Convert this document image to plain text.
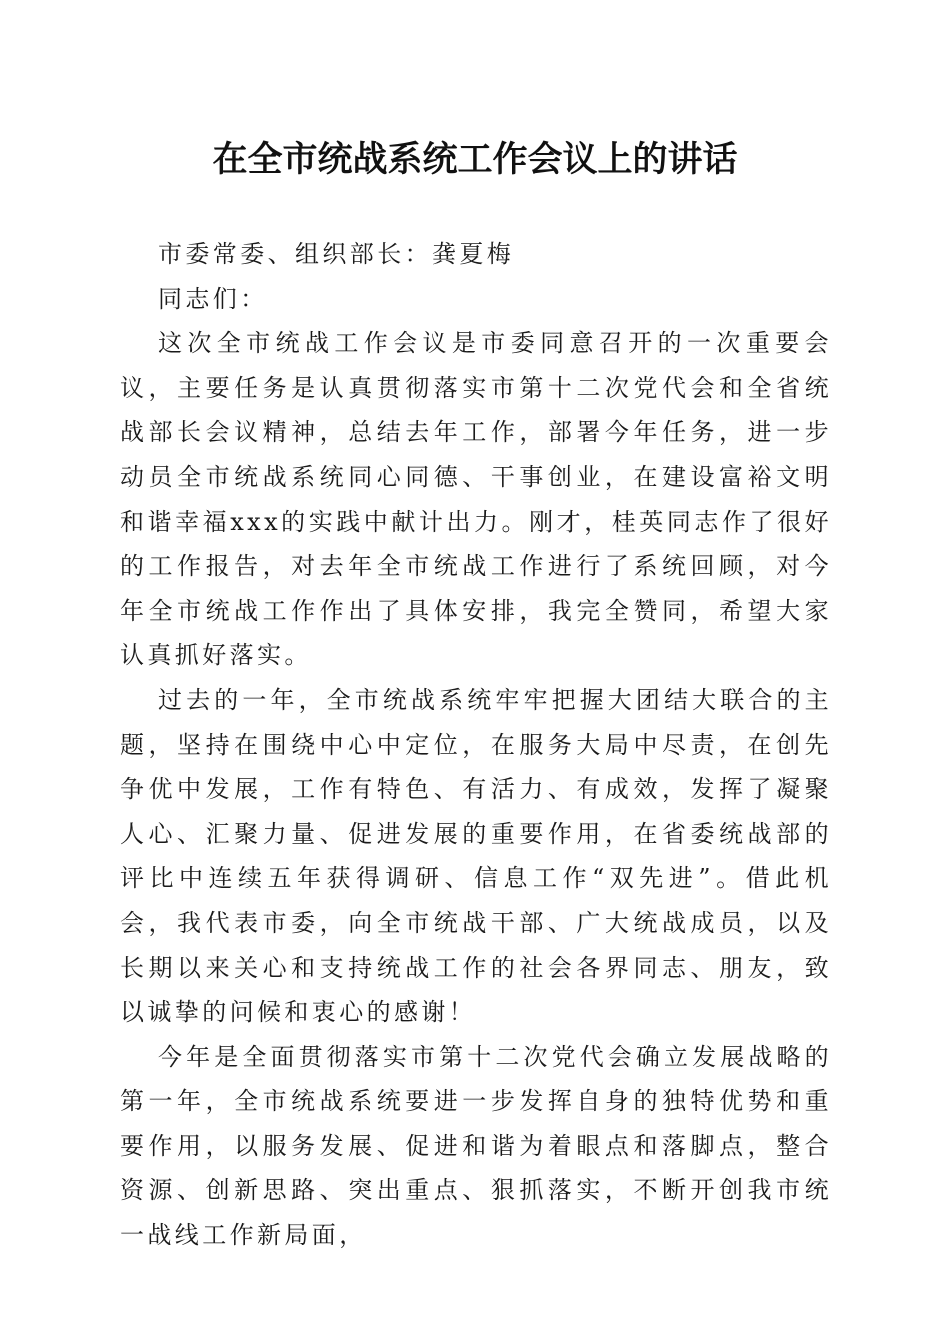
在全市统战系统工作会议上的讲话

市委常委、组织部长：龚夏梅

同志们：

这次全市统战工作会议是市委同意召开的一次重要会议，主要任务是认真贯彻落实市第十二次党代会和全省统战部长会议精神，总结去年工作，部署今年任务，进一步动员全市统战系统同心同德、干事创业，在建设富裕文明和谐幸福xxx的实践中献计出力。刚才，桂英同志作了很好的工作报告，对去年全市统战工作进行了系统回顾，对今年全市统战工作作出了具体安排，我完全赞同，希望大家认真抓好落实。

过去的一年，全市统战系统牢牢把握大团结大联合的主题，坚持在围绕中心中定位，在服务大局中尽责，在创先争优中发展，工作有特色、有活力、有成效，发挥了凝聚人心、汇聚力量、促进发展的重要作用，在省委统战部的评比中连续五年获得调研、信息工作“双先进”。借此机会，我代表市委，向全市统战干部、广大统战成员，以及长期以来关心和支持统战工作的社会各界同志、朋友，致以诚挚的问候和衷心的感谢！

今年是全面贯彻落实市第十二次党代会确立发展战略的第一年，全市统战系统要进一步发挥自身的独特优势和重要作用，以服务发展、促进和谐为着眼点和落脚点，整合资源、创新思路、突出重点、狠抓落实，不断开创我市统一战线工作新局面，
